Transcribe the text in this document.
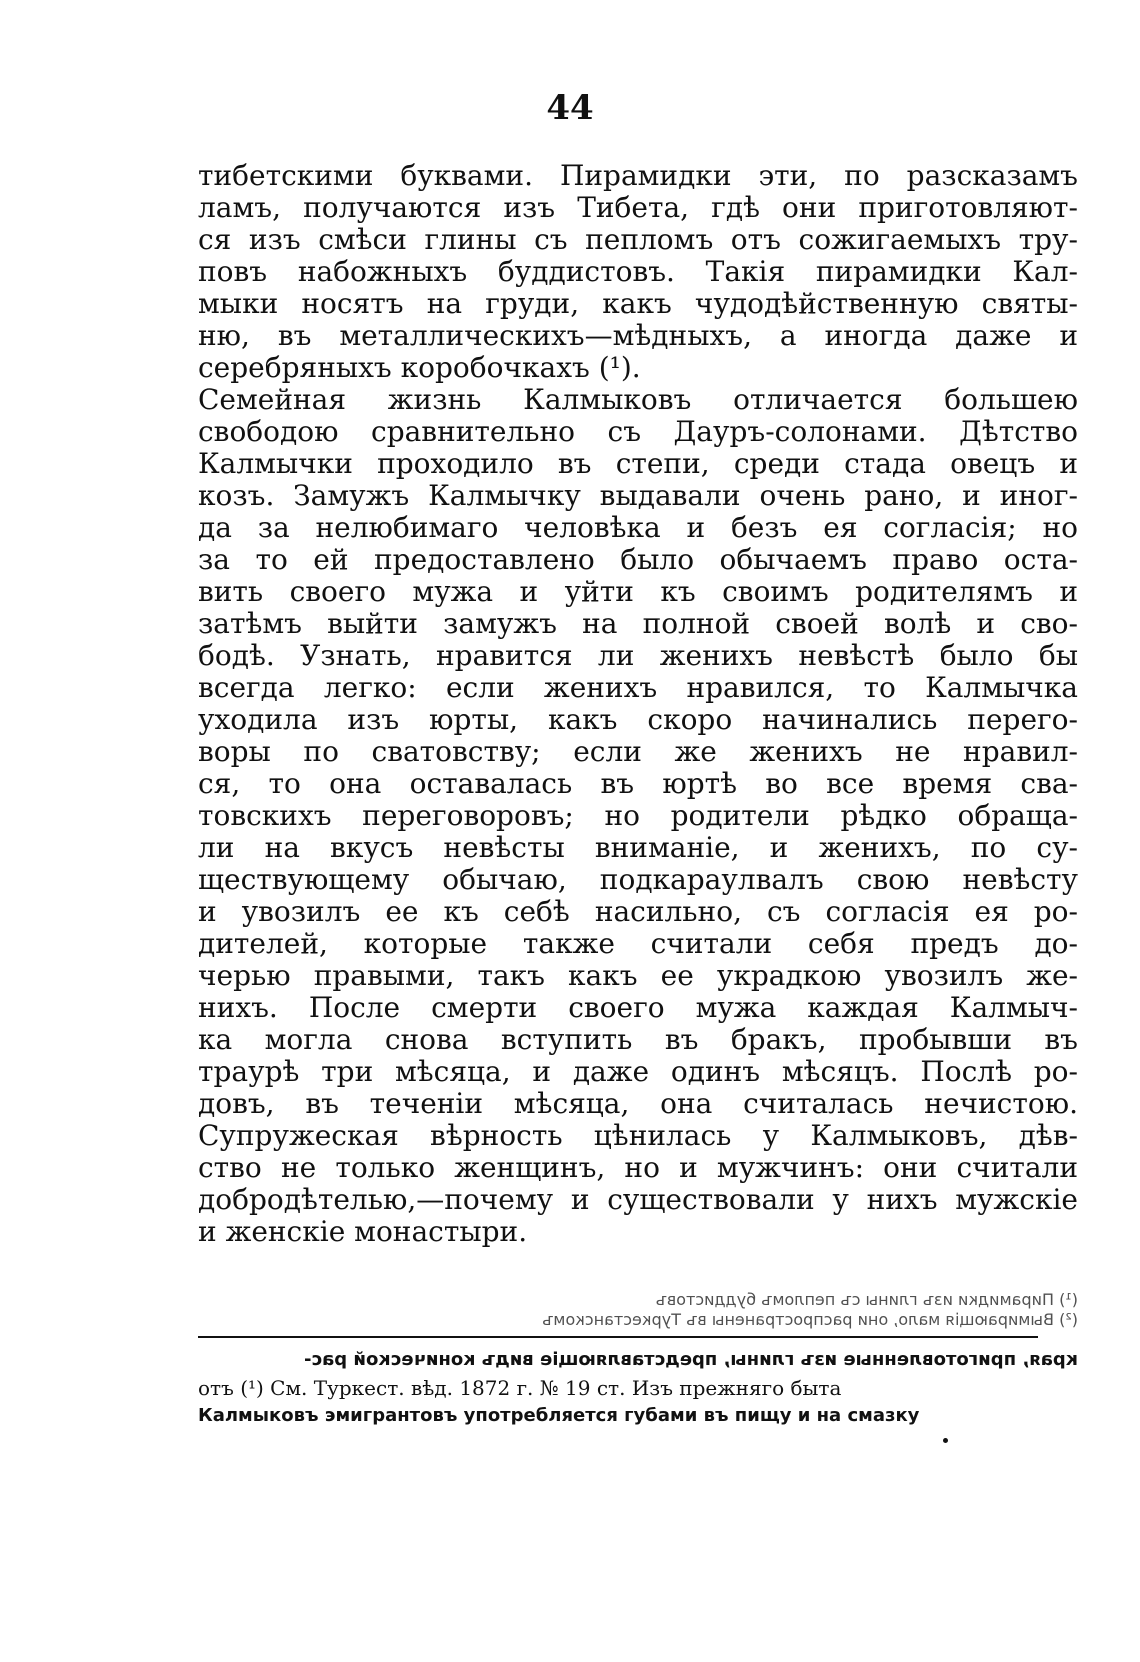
44
тибетскими буквами. Пирамидки эти, по разсказамъ
ламъ, получаются изъ Тибета, гдѣ они приготовляют-
ся изъ смѣси глины съ пепломъ отъ сожигаемыхъ тру-
повъ набожныхъ буддистовъ. Такія пирамидки Кал-
мыки носятъ на груди, какъ чудодѣйственную святы-
ню, въ металлическихъ—мѣдныхъ, а иногда даже и
серебряныхъ коробочкахъ (¹).
Семейная жизнь Калмыковъ отличается большею
свободою сравнительно съ Дауръ-солонами. Дѣтство
Калмычки проходило въ степи, среди стада овецъ и
козъ. Замужъ Калмычку выдавали очень рано, и иног-
да за нелюбимаго человѣка и безъ ея согласія; но
за то ей предоставлено было обычаемъ право оста-
вить своего мужа и уйти къ своимъ родителямъ и
затѣмъ выйти замужъ на полной своей волѣ и сво-
бодѣ. Узнать, нравится ли женихъ невѣстѣ было бы
всегда легко: если женихъ нравился, то Калмычка
уходила изъ юрты, какъ скоро начинались перего-
воры по сватовству; если же женихъ не нравил-
ся, то она оставалась въ юртѣ во все время сва-
товскихъ переговоровъ; но родители рѣдко обраща-
ли на вкусъ невѣсты вниманіе, и женихъ, по су-
ществующему обычаю, подкараулвалъ свою невѣсту
и увозилъ ее къ себѣ насильно, съ согласія ея ро-
дителей, которые также считали себя предъ до-
черью правыми, такъ какъ ее украдкою увозилъ же-
нихъ. После смерти своего мужа каждая Калмыч-
ка могла снова вступить въ бракъ, пробывши въ
траурѣ три мѣсяца, и даже одинъ мѣсяцъ. Послѣ ро-
довъ, въ теченіи мѣсяца, она считалась нечистою.
Супружеская вѣрность цѣнилась у Калмыковъ, дѣв-
ство не только женщинъ, но и мужчинъ: они считали
добродѣтелью,—почему и существовали у нихъ мужскіе
и женскіе монастыри.
(¹) Пирамидки изъ глины съ пепломъ буддистовъ
(²) Вымирающія мало, они распространены въ Туркестанскомъ
края, приготовленные изъ глины, представляющіе видъ конической рас-
отъ (¹) См. Туркест. вѣд. 1872 г. № 19 ст. Изъ прежняго быта
Калмыковъ эмигрантовъ употребляется губами въ пищу и на смазку
